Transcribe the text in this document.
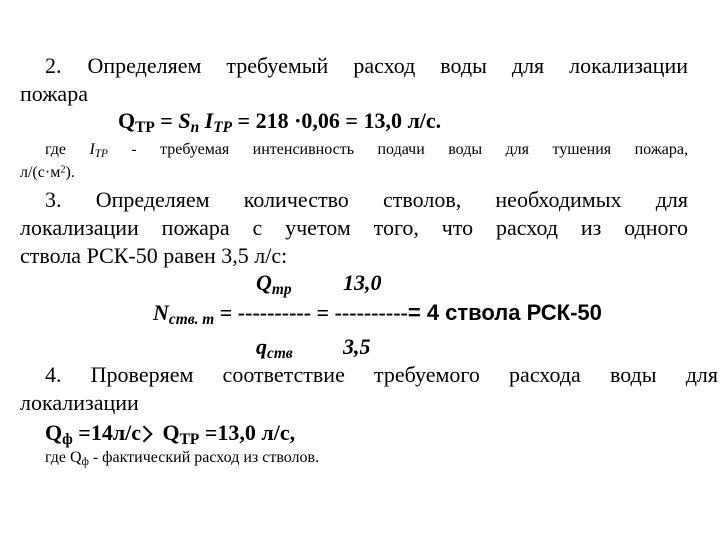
2. Определяем требуемый расход воды для локализации
пожара
$Q_{ТР} = S_п$ $I_{ТР} = 218 \cdot 0,06 = 13,0$ л/с.
где $I_{ТР}$ - требуемая интенсивность подачи воды для тушения пожара,
$л/(с\cdot м^2)$.
3. Определяем количество стволов, необходимых для
локализации пожара с учетом того, что расход из одного
ствола РСК-50 равен 3,5 л/с:
$Q_{тр}$ 13,0
$N_{ств. т}$ = ---------- = ----------= 4 ствола РСК-50
$q_{ств}$ 3,5
4. Проверяем соответствие требуемого расхода воды для
локализации
$Q_ф =14л/с$ $Q_{ТР} =13,0$ л/с,
где $Q_ф$ - фактический расход из стволов.
